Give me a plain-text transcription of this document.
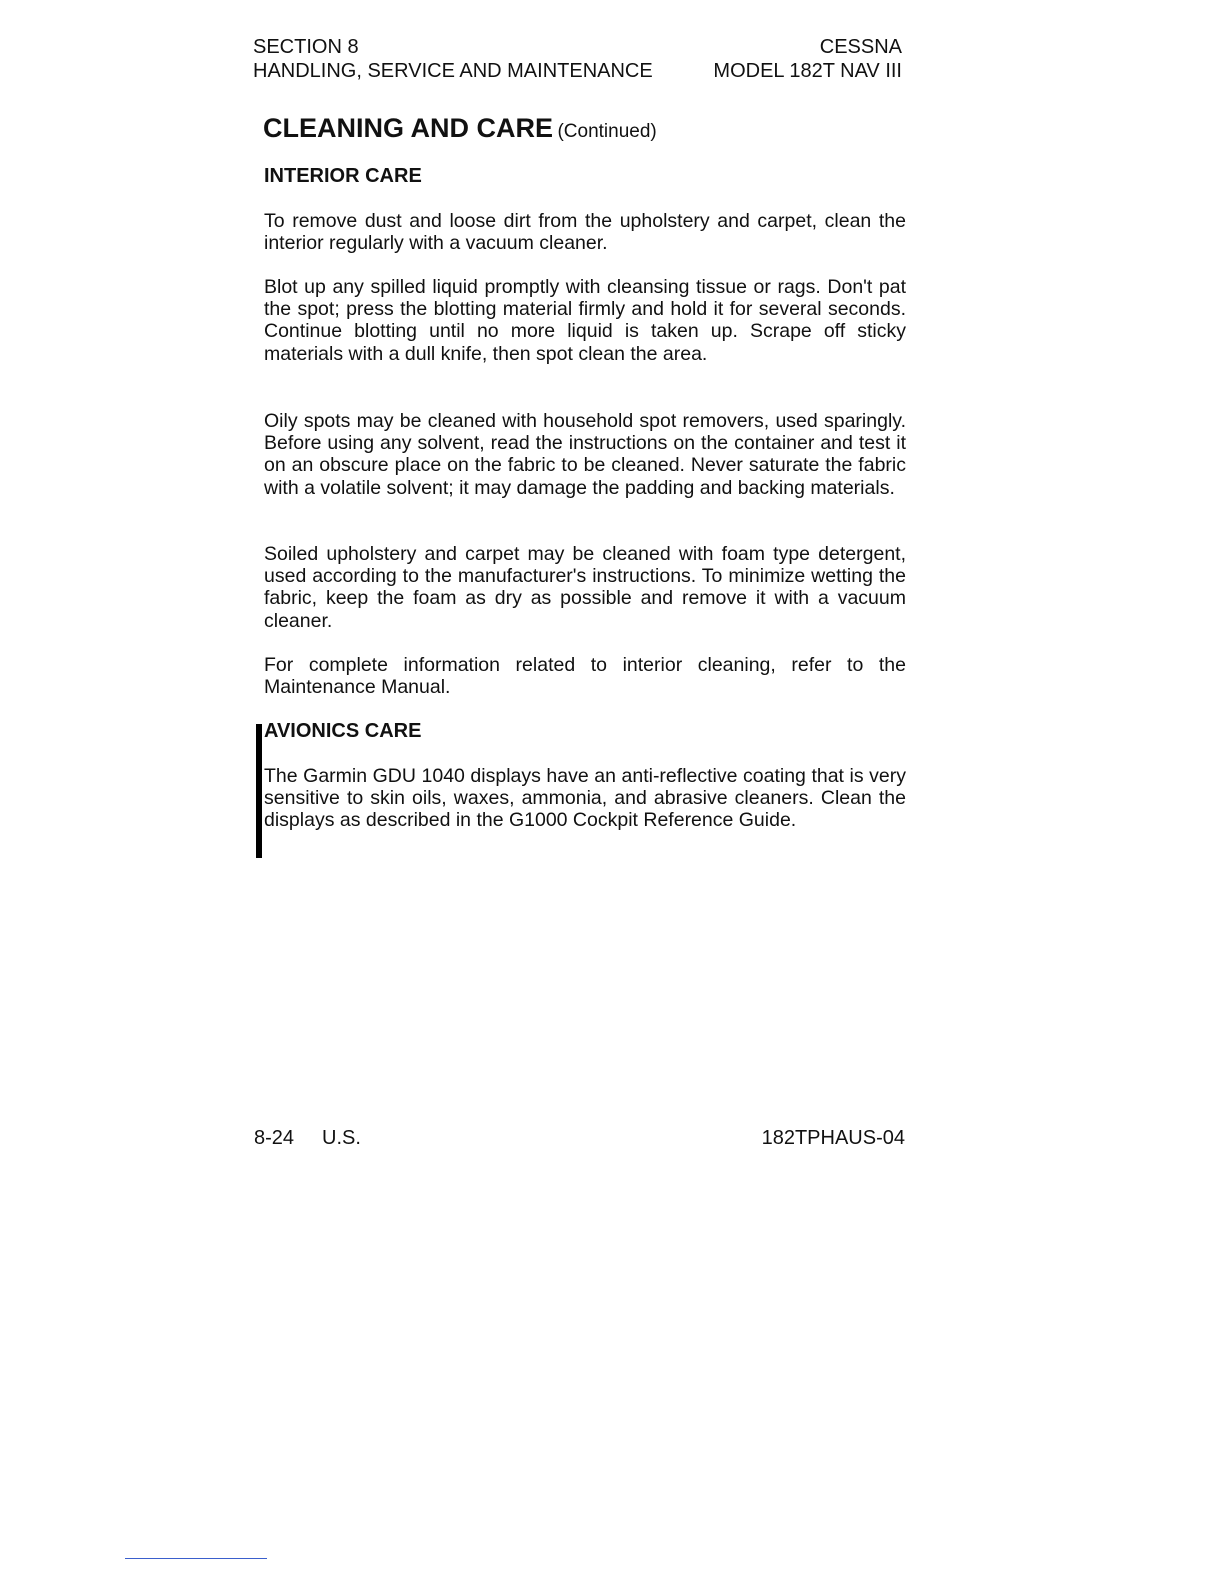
SECTION 8
HANDLING, SERVICE AND MAINTENANCE
CESSNA
MODEL 182T NAV III
CLEANING AND CARE (Continued)
INTERIOR CARE
To remove dust and loose dirt from the upholstery and carpet, clean the interior regularly with a vacuum cleaner.
Blot up any spilled liquid promptly with cleansing tissue or rags. Don't pat the spot; press the blotting material firmly and hold it for several seconds. Continue blotting until no more liquid is taken up. Scrape off sticky materials with a dull knife, then spot clean the area.
Oily spots may be cleaned with household spot removers, used sparingly. Before using any solvent, read the instructions on the container and test it on an obscure place on the fabric to be cleaned. Never saturate the fabric with a volatile solvent; it may damage the padding and backing materials.
Soiled upholstery and carpet may be cleaned with foam type detergent, used according to the manufacturer's instructions. To minimize wetting the fabric, keep the foam as dry as possible and remove it with a vacuum cleaner.
For complete information related to interior cleaning, refer to the Maintenance Manual.
AVIONICS CARE
The Garmin GDU 1040 displays have an anti-reflective coating that is very sensitive to skin oils, waxes, ammonia, and abrasive cleaners. Clean the displays as described in the G1000 Cockpit Reference Guide.
8-24 U.S.	182TPHAUS-04
